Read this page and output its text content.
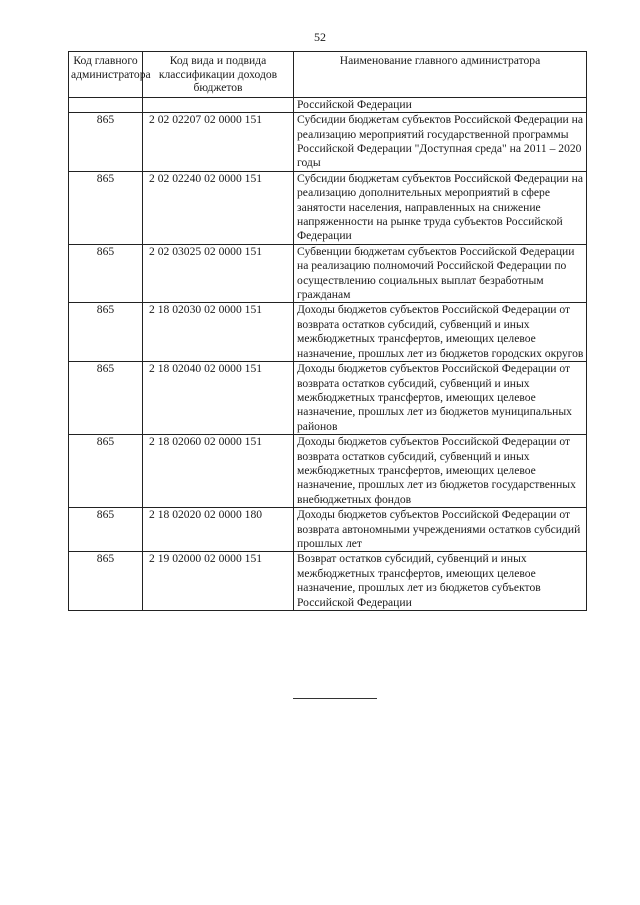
52
Код главного администратора	Код вида и подвида классификации доходов бюджетов	Наименование главного администратора
		Российской Федерации
865	2 02 02207 02 0000 151	Субсидии бюджетам субъектов Российской Федерации на реализацию мероприятий государственной программы Российской Федерации "Доступная среда" на 2011 – 2020 годы
865	2 02 02240 02 0000 151	Субсидии бюджетам субъектов Российской Федерации на реализацию дополнительных мероприятий в сфере занятости населения, направленных на снижение напряженности на рынке труда субъектов Российской Федерации
865	2 02 03025 02 0000 151	Субвенции бюджетам субъектов Российской Федерации на реализацию полномочий Российской Федерации по осуществлению социальных выплат безработным гражданам
865	2 18 02030 02 0000 151	Доходы бюджетов субъектов Российской Федерации от возврата остатков субсидий, субвенций и иных межбюджетных трансфертов, имеющих целевое назначение, прошлых лет из бюджетов городских округов
865	2 18 02040 02 0000 151	Доходы бюджетов субъектов Российской Федерации от возврата остатков субсидий, субвенций и иных межбюджетных трансфертов, имеющих целевое назначение, прошлых лет из бюджетов муниципальных районов
865	2 18 02060 02 0000 151	Доходы бюджетов субъектов Российской Федерации от возврата остатков субсидий, субвенций и иных межбюджетных трансфертов, имеющих целевое назначение, прошлых лет из бюджетов государственных внебюджетных фондов
865	2 18 02020 02 0000 180	Доходы бюджетов субъектов Российской Федерации от возврата автономными учреждениями остатков субсидий прошлых лет
865	2 19 02000 02 0000 151	Возврат остатков субсидий, субвенций и иных межбюджетных трансфертов, имеющих целевое назначение, прошлых лет из бюджетов субъектов Российской Федерации
